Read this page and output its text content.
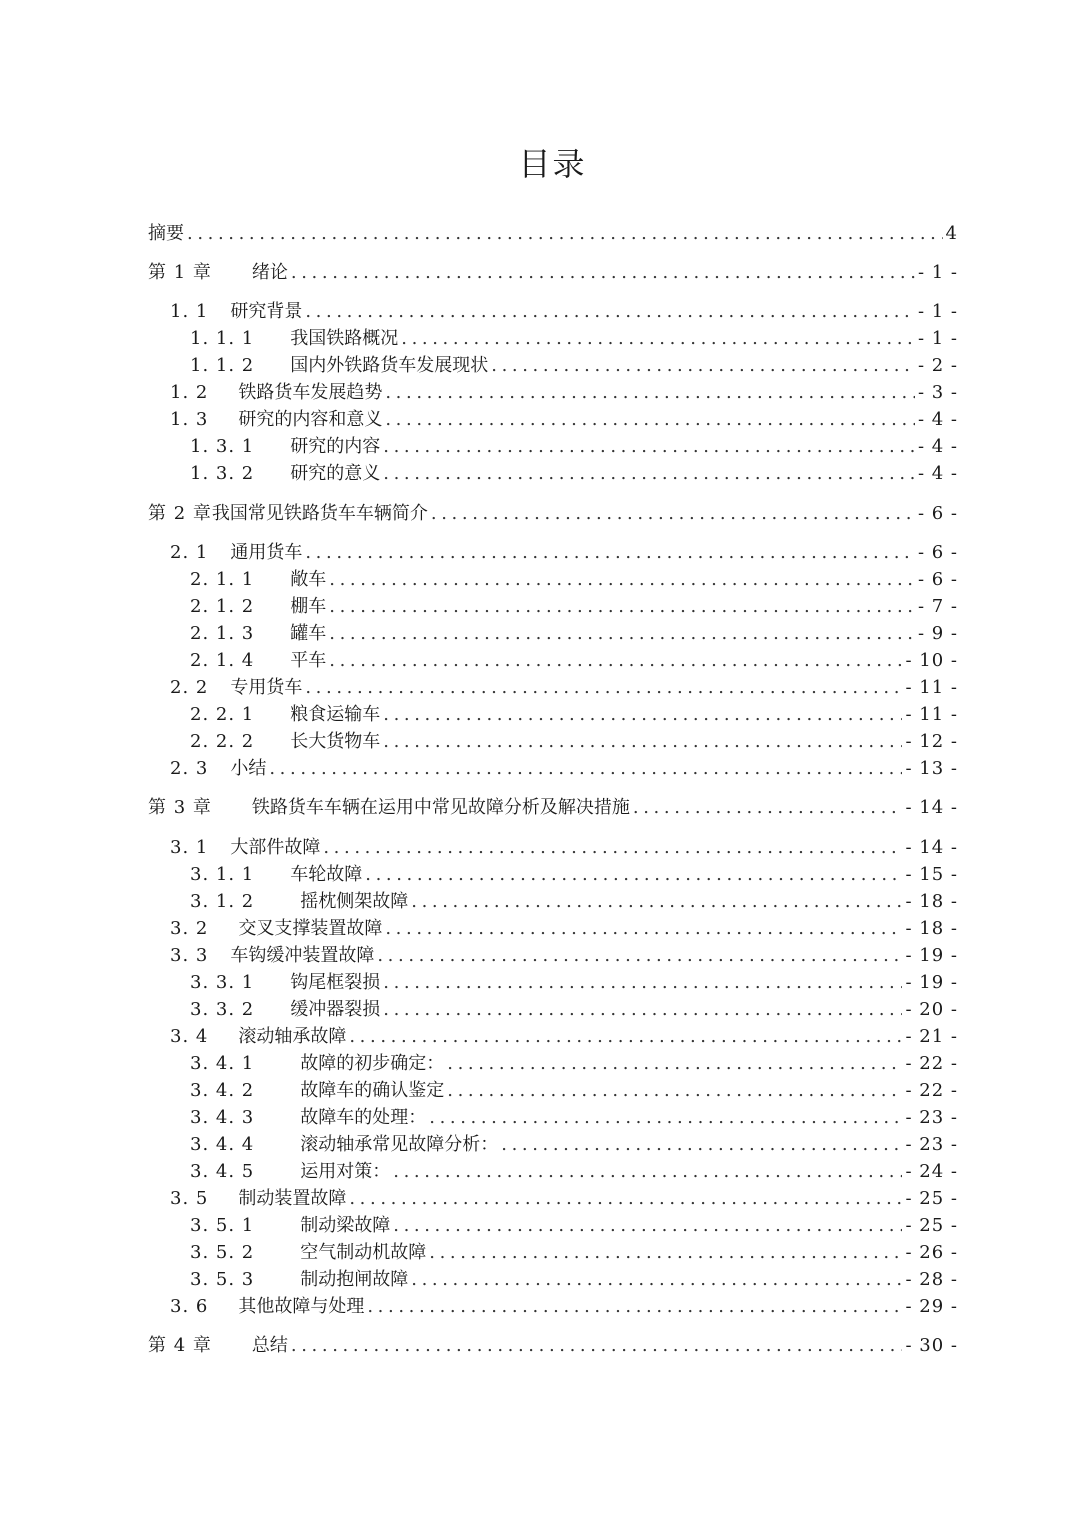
目录
摘要 .....	4
第 1 章 绪论 .....	- 1 -
1. 1 研究背景 .....	- 1 -
1. 1. 1 我国铁路概况 .....	- 1 -
1. 1. 2 国内外铁路货车发展现状 .....	- 2 -
1. 2 铁路货车发展趋势 .....	- 3 -
1. 3 研究的内容和意义 .....	- 4 -
1. 3. 1 研究的内容 .....	- 4 -
1. 3. 2 研究的意义 .....	- 4 -
第 2 章 我国常见铁路货车车辆简介 .....	- 6 -
2. 1 通用货车 .....	- 6 -
2. 1. 1 敞车 .....	- 6 -
2. 1. 2 棚车 .....	- 7 -
2. 1. 3 罐车 .....	- 9 -
2. 1. 4 平车 .....	- 10 -
2. 2 专用货车 .....	- 11 -
2. 2. 1 粮食运输车 .....	- 11 -
2. 2. 2 长大货物车 .....	- 12 -
2. 3 小结 .....	- 13 -
第 3 章 铁路货车车辆在运用中常见故障分析及解决措施 .....	- 14 -
3. 1 大部件故障 .....	- 14 -
3. 1. 1 车轮故障 .....	- 15 -
3. 1. 2	摇枕侧架故障 .....	- 18 -
3. 2 交叉支撑装置故障 .....	- 18 -
3. 3 车钩缓冲装置故障 .....	- 19 -
3. 3. 1 钩尾框裂损 .....	- 19 -
3. 3. 2 缓冲器裂损 .....	- 20 -
3. 4 滚动轴承故障 .....	- 21 -
3. 4. 1	故障的初步确定： .....	- 22 -
3. 4. 2	故障车的确认鉴定 .....	- 22 -
3. 4. 3	故障车的处理： .....	- 23 -
3. 4. 4	滚动轴承常见故障分析： .....	- 23 -
3. 4. 5	运用对策： .....	- 24 -
3. 5 制动装置故障 .....	- 25 -
3. 5. 1	制动梁故障 .....	- 25 -
3. 5. 2	空气制动机故障 .....	- 26 -
3. 5. 3	制动抱闸故障 .....	- 28 -
3. 6 其他故障与处理 .....	- 29 -
第 4 章 总结 .....	- 30 -
